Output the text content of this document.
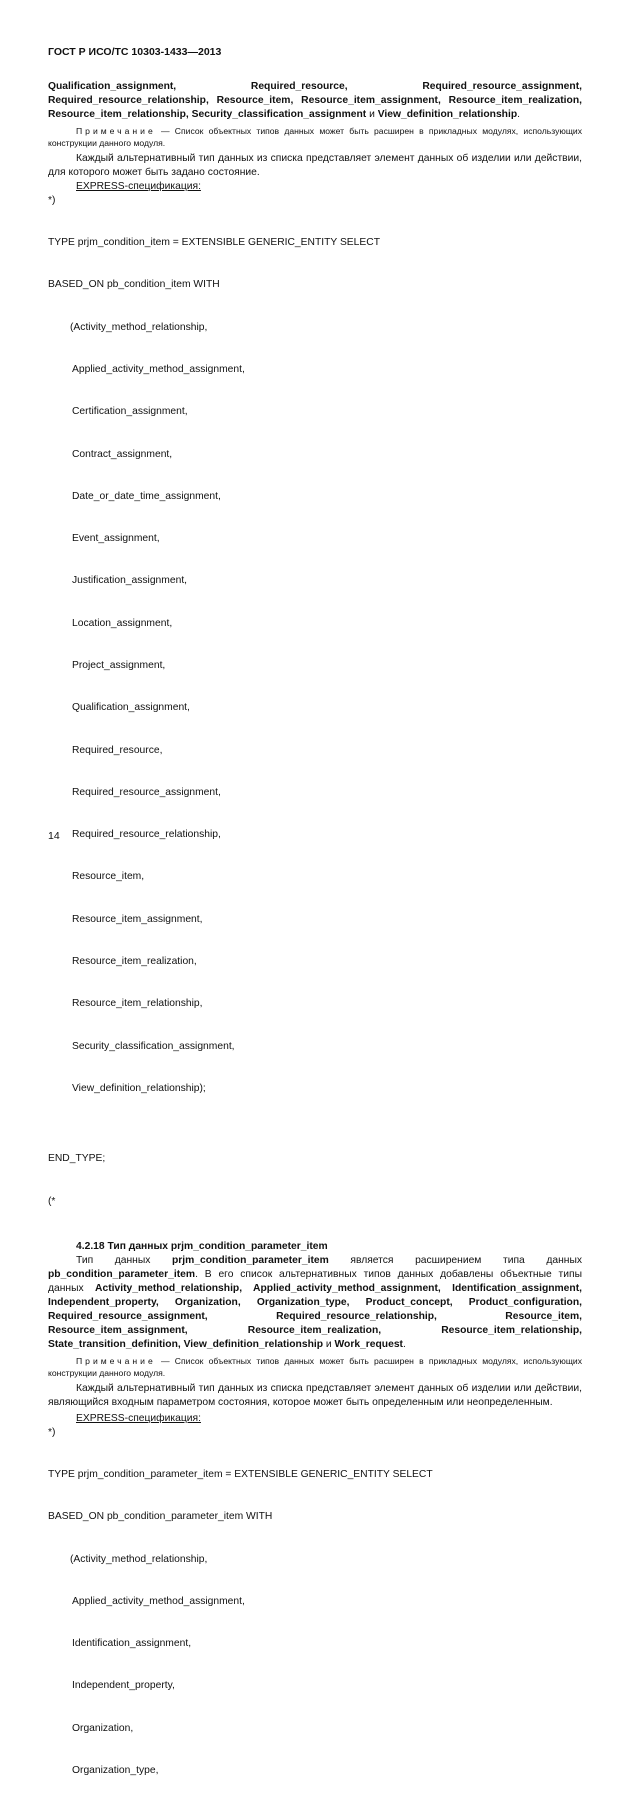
ГОСТ Р ИСО/ТС 10303-1433—2013

Qualification_assignment, Required_resource, Required_resource_assignment, Required_resource_relationship, Resource_item, Resource_item_assignment, Resource_item_realization, Resource_item_relationship, Security_classification_assignment и View_definition_relationship.

Примечание — Список объектных типов данных может быть расширен в прикладных модулях, использующих конструкции данного модуля.

Каждый альтернативный тип данных из списка представляет элемент данных об изделии или действии, для которого может быть задано состояние.

EXPRESS-спецификация:

*)

TYPE prjm_condition_item = EXTENSIBLE GENERIC_ENTITY SELECT

BASED_ON pb_condition_item WITH

(Activity_method_relationship,

Applied_activity_method_assignment,

Certification_assignment,

Contract_assignment,

Date_or_date_time_assignment,

Event_assignment,

Justification_assignment,

Location_assignment,

Project_assignment,

Qualification_assignment,

Required_resource,

Required_resource_assignment,

Required_resource_relationship,

Resource_item,

Resource_item_assignment,

Resource_item_realization,

Resource_item_relationship,

Security_classification_assignment,

View_definition_relationship);

END_TYPE;

(*

4.2.18 Тип данных prjm_condition_parameter_item

Тип данных prjm_condition_parameter_item является расширением типа данных pb_condition_parameter_item. В его список альтернативных типов данных добавлены объектные типы данных Activity_method_relationship, Applied_activity_method_assignment, Identification_assignment, Independent_property, Organization, Organization_type, Product_concept, Product_configuration, Required_resource_assignment, Required_resource_relationship, Resource_item, Resource_item_assignment, Resource_item_realization, Resource_item_relationship, State_transition_definition, View_definition_relationship и Work_request.

Примечание — Список объектных типов данных может быть расширен в прикладных модулях, использующих конструкции данного модуля.

Каждый альтернативный тип данных из списка представляет элемент данных об изделии или действии, являющийся входным параметром состояния, которое может быть определенным или неопределенным.

EXPRESS-спецификация:

*)

TYPE prjm_condition_parameter_item = EXTENSIBLE GENERIC_ENTITY SELECT

BASED_ON pb_condition_parameter_item WITH

(Activity_method_relationship,

Applied_activity_method_assignment,

Identification_assignment,

Independent_property,

Organization,

Organization_type,

14
